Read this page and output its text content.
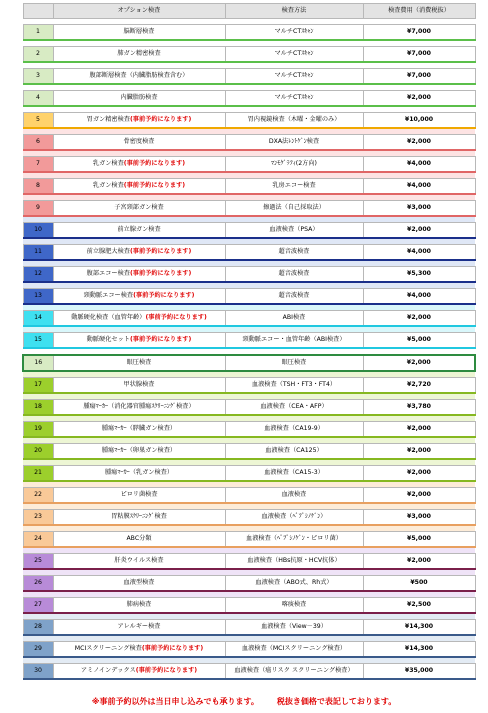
	オプション検査	検査方法	検査費用（消費税抜）

1	脳断層検査	マルチCTｽｷｬﾝ	¥7,000

2	肺ガン精密検査	マルチCTｽｷｬﾝ	¥7,000

3	腹部断層検査（内臓脂肪検査含む）	マルチCTｽｷｬﾝ	¥7,000

4	内臓脂肪検査	マルチCTｽｷｬﾝ	¥2,000

5	胃ガン精密検査(事前予約になります)	胃内視鏡検査（木曜・金曜のみ）	¥10,000

6	骨密度検査	DXA法ﾚﾝﾄｹﾞﾝ検査	¥2,000

7	乳ガン検査(事前予約になります)	ﾏﾝﾓｸﾞﾗﾌｨ(2方向)	¥4,000

8	乳ガン検査(事前予約になります)	乳房エコー検査	¥4,000

9	子宮頸部ガン検査	擦過法（自己採取法）	¥3,000

10	前立腺ガン検査	血液検査（PSA）	¥2,000

11	前立腺肥大検査(事前予約になります)	超音波検査	¥4,000

12	腹部エコー検査(事前予約になります)	超音波検査	¥5,300

13	頸動脈エコー検査(事前予約になります)	超音波検査	¥4,000

14	動脈硬化検査（血管年齢）(事前予約になります)	ABI検査	¥2,000

15	動脈硬化セット(事前予約になります)	頸動脈エコー・血管年齢（ABI検査）	¥5,000

16	眼圧検査	眼圧検査	¥2,000

17	甲状腺検査	血液検査（TSH・FT3・FT4）	¥2,720

18	腫瘍ﾏｰｶｰ（消化器官腫瘍ｽｸﾘｰﾆﾝｸﾞ検査）	血液検査（CEA・AFP）	¥3,780

19	腫瘍ﾏｰｶｰ（膵臓ガン検査）	血液検査（CA19-9）	¥2,000

20	腫瘍ﾏｰｶｰ（卵巣ガン検査）	血液検査（CA125）	¥2,000

21	腫瘍ﾏｰｶｰ（乳ガン検査）	血液検査（CA15-3）	¥2,000

22	ピロリ菌検査	血液検査	¥2,000

23	胃粘膜ｽｸﾘｰﾆﾝｸﾞ検査	血液検査（ﾍﾟﾌﾟｼﾉｹﾞﾝ）	¥3,000

24	ABC分類	血液検査（ﾍﾟﾌﾟｼﾉｹﾞﾝ・ピロリ菌）	¥5,000

25	肝炎ウイルス検査	血液検査（HBs抗原・HCV抗体）	¥2,000

26	血液型検査	血液検査（ABO式、Rh式）	¥500

27	肺病検査	喀痰検査	¥2,500

28	アレルギー検査	血液検査（View－39）	¥14,300

29	MCIスクリーニング検査(事前予約になります)	血液検査（MCIスクリーニング検査）	¥14,300

30	アミノインデックス(事前予約になります)	血液検査（癌リスク スクリーニング検査）	¥35,000
※事前予約以外は当日申し込みでも承ります。 税抜き価格で表記しております。
